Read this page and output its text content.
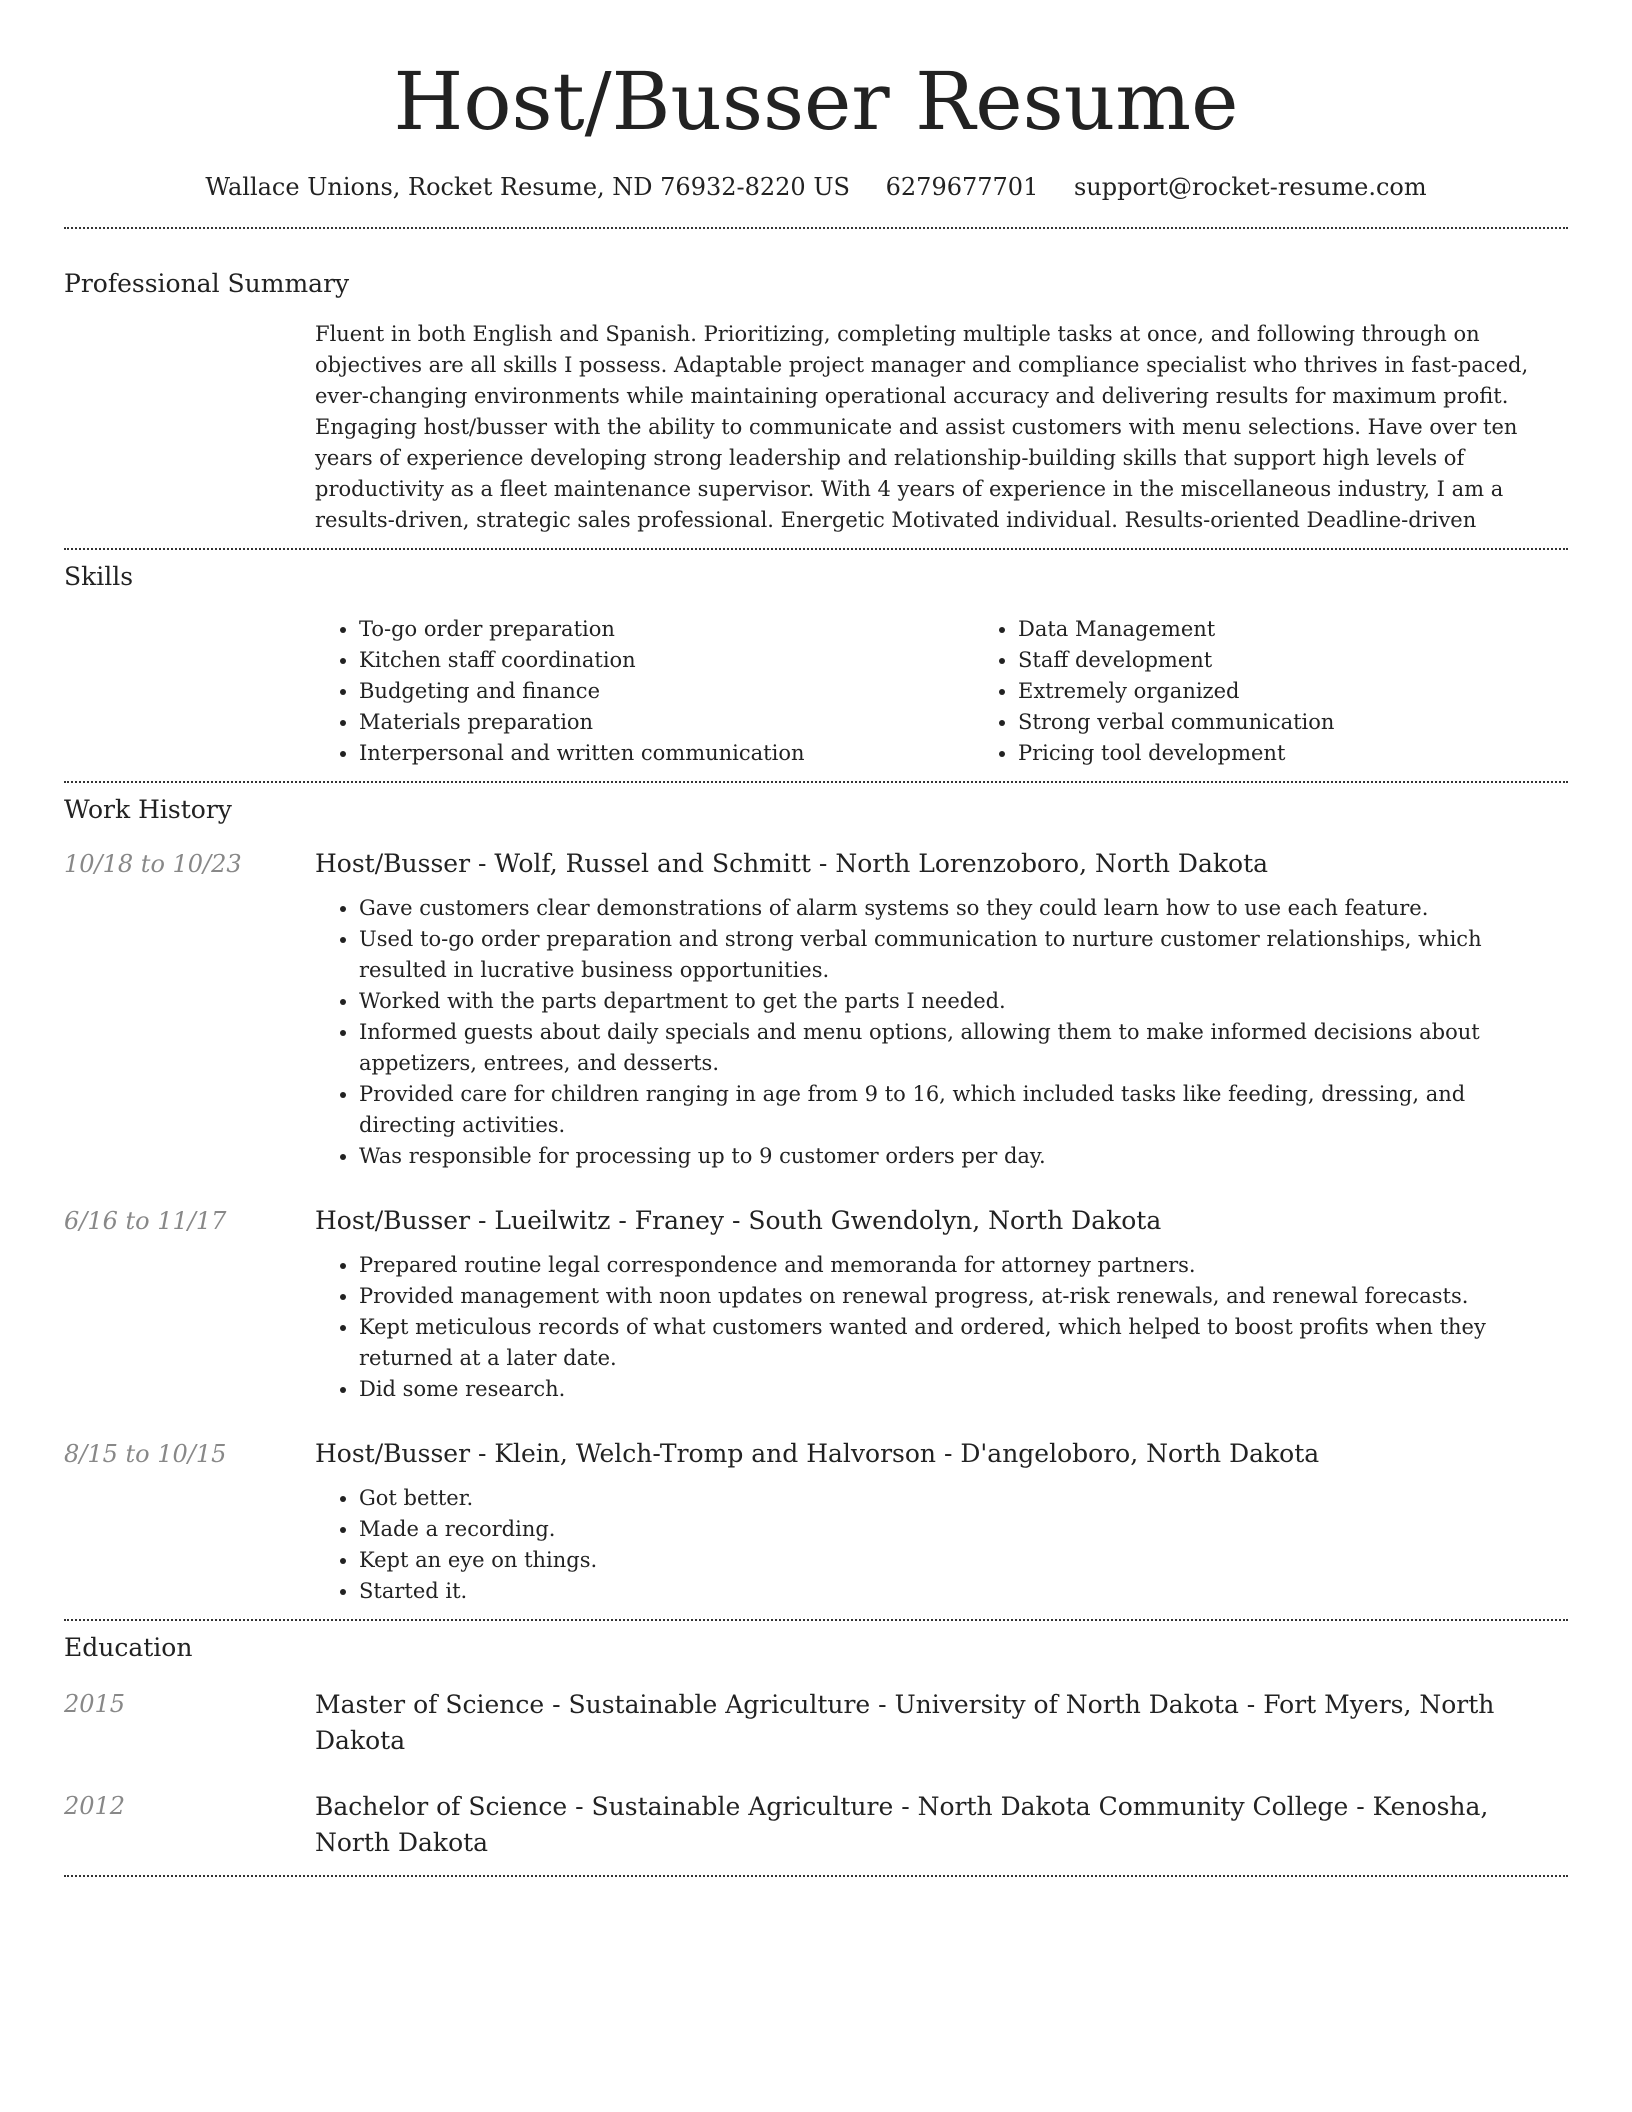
Host/Busser Resume
Wallace Unions, Rocket Resume, ND 76932-8220 US 6279677701 support@rocket-resume.com
Professional Summary

Fluent in both English and Spanish. Prioritizing, completing multiple tasks at once, and following through on objectives are all skills I possess. Adaptable project manager and compliance specialist who thrives in fast-paced, ever-changing environments while maintaining operational accuracy and delivering results for maximum profit. Engaging host/busser with the ability to communicate and assist customers with menu selections. Have over ten years of experience developing strong leadership and relationship-building skills that support high levels of productivity as a fleet maintenance supervisor. With 4 years of experience in the miscellaneous industry, I am a results-driven, strategic sales professional. Energetic Motivated individual. Results-oriented Deadline-driven

Skills
• To-go order preparation
• Kitchen staff coordination
• Budgeting and finance
• Materials preparation
• Interpersonal and written communication
• Data Management
• Staff development
• Extremely organized
• Strong verbal communication
• Pricing tool development
Work History
10/18 to 10/23	Host/Busser - Wolf, Russel and Schmitt - North Lorenzoboro, North Dakota
• Gave customers clear demonstrations of alarm systems so they could learn how to use each feature.
• Used to-go order preparation and strong verbal communication to nurture customer relationships, which resulted in lucrative business opportunities.
• Worked with the parts department to get the parts I needed.
• Informed guests about daily specials and menu options, allowing them to make informed decisions about appetizers, entrees, and desserts.
• Provided care for children ranging in age from 9 to 16, which included tasks like feeding, dressing, and directing activities.
• Was responsible for processing up to 9 customer orders per day.
6/16 to 11/17	Host/Busser - Lueilwitz - Franey - South Gwendolyn, North Dakota
• Prepared routine legal correspondence and memoranda for attorney partners.
• Provided management with noon updates on renewal progress, at-risk renewals, and renewal forecasts.
• Kept meticulous records of what customers wanted and ordered, which helped to boost profits when they returned at a later date.
• Did some research.
8/15 to 10/15	Host/Busser - Klein, Welch-Tromp and Halvorson - D'angeloboro, North Dakota
• Got better.
• Made a recording.
• Kept an eye on things.
• Started it.
Education
2015	Master of Science - Sustainable Agriculture - University of North Dakota - Fort Myers, North Dakota
2012	Bachelor of Science - Sustainable Agriculture - North Dakota Community College - Kenosha, North Dakota
